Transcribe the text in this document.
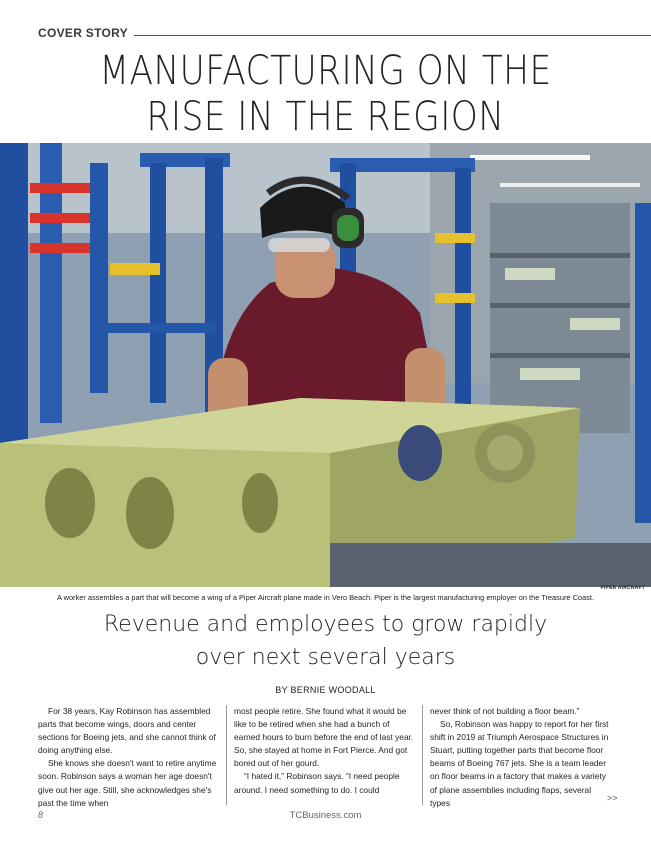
COVER STORY
MANUFACTURING ON THE
RISE IN THE REGION
PIPER AIRCRAFT

A worker assembles a part that will become a wing of a Piper Aircraft plane made in Vero Beach. Piper is the largest manufacturing employer on the Treasure Coast.

Revenue and employees to grow rapidly
over next several years
BY BERNIE WOODALL

For 38 years, Kay Robinson has assembled parts that become wings, doors and center sections for Boeing jets, and she cannot think of doing anything else.

She knows she doesn't want to retire anytime soon. Robinson says a woman her age doesn't give out her age. Still, she acknowledges she's past the time when

most people retire. She found what it would be like to be retired when she had a bunch of earned hours to burn before the end of last year. So, she stayed at home in Fort Pierce. And got bored out of her gourd.

“I hated it,” Robinson says. “I need people around. I need something to do. I could

never think of not building a floor beam.”

So, Robinson was happy to report for her first shift in 2019 at Triumph Aerospace Structures in Stuart, putting together parts that become floor beams of Boeing 767 jets. She is a team leader on floor beams in a factory that makes a variety of plane assemblies including flaps, several types	>>
8	TCBusiness.com
